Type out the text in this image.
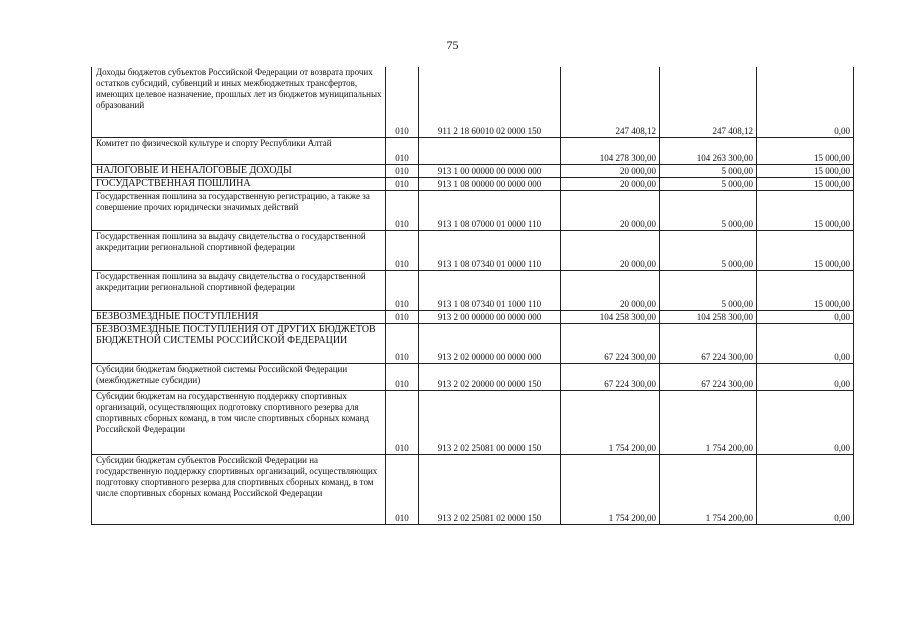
75
Доходы бюджетов субъектов Российской Федерации от возврата прочих остатков субсидий, субвенций и иных межбюджетных трансфертов, имеющих целевое назначение, прошлых лет из бюджетов муниципальных образований	010	911 2 18 60010 02 0000 150	247 408,12	247 408,12	0,00
Комитет по физической культуре и спорту Республики Алтай	010		104 278 300,00	104 263 300,00	15 000,00
НАЛОГОВЫЕ И НЕНАЛОГОВЫЕ ДОХОДЫ	010	913 1 00 00000 00 0000 000	20 000,00	5 000,00	15 000,00
ГОСУДАРСТВЕННАЯ ПОШЛИНА	010	913 1 08 00000 00 0000 000	20 000,00	5 000,00	15 000,00
Государственная пошлина за государственную регистрацию, а также за совершение прочих юридически значимых действий	010	913 1 08 07000 01 0000 110	20 000,00	5 000,00	15 000,00
Государственная пошлина за выдачу свидетельства о государственной аккредитации региональной спортивной федерации	010	913 1 08 07340 01 0000 110	20 000,00	5 000,00	15 000,00
Государственная пошлина за выдачу свидетельства о государственной аккредитации региональной спортивной федерации	010	913 1 08 07340 01 1000 110	20 000,00	5 000,00	15 000,00
БЕЗВОЗМЕЗДНЫЕ ПОСТУПЛЕНИЯ	010	913 2 00 00000 00 0000 000	104 258 300,00	104 258 300,00	0,00
БЕЗВОЗМЕЗДНЫЕ ПОСТУПЛЕНИЯ ОТ ДРУГИХ БЮДЖЕТОВ БЮДЖЕТНОЙ СИСТЕМЫ РОССИЙСКОЙ ФЕДЕРАЦИИ	010	913 2 02 00000 00 0000 000	67 224 300,00	67 224 300,00	0,00
Субсидии бюджетам бюджетной системы Российской Федерации (межбюджетные субсидии)	010	913 2 02 20000 00 0000 150	67 224 300,00	67 224 300,00	0,00
Субсидии бюджетам на государственную поддержку спортивных организаций, осуществляющих подготовку спортивного резерва для спортивных сборных команд, в том числе спортивных сборных команд Российской Федерации	010	913 2 02 25081 00 0000 150	1 754 200,00	1 754 200,00	0,00
Субсидии бюджетам субъектов Российской Федерации на государственную поддержку спортивных организаций, осуществляющих подготовку спортивного резерва для спортивных сборных команд, в том числе спортивных сборных команд Российской Федерации	010	913 2 02 25081 02 0000 150	1 754 200,00	1 754 200,00	0,00
